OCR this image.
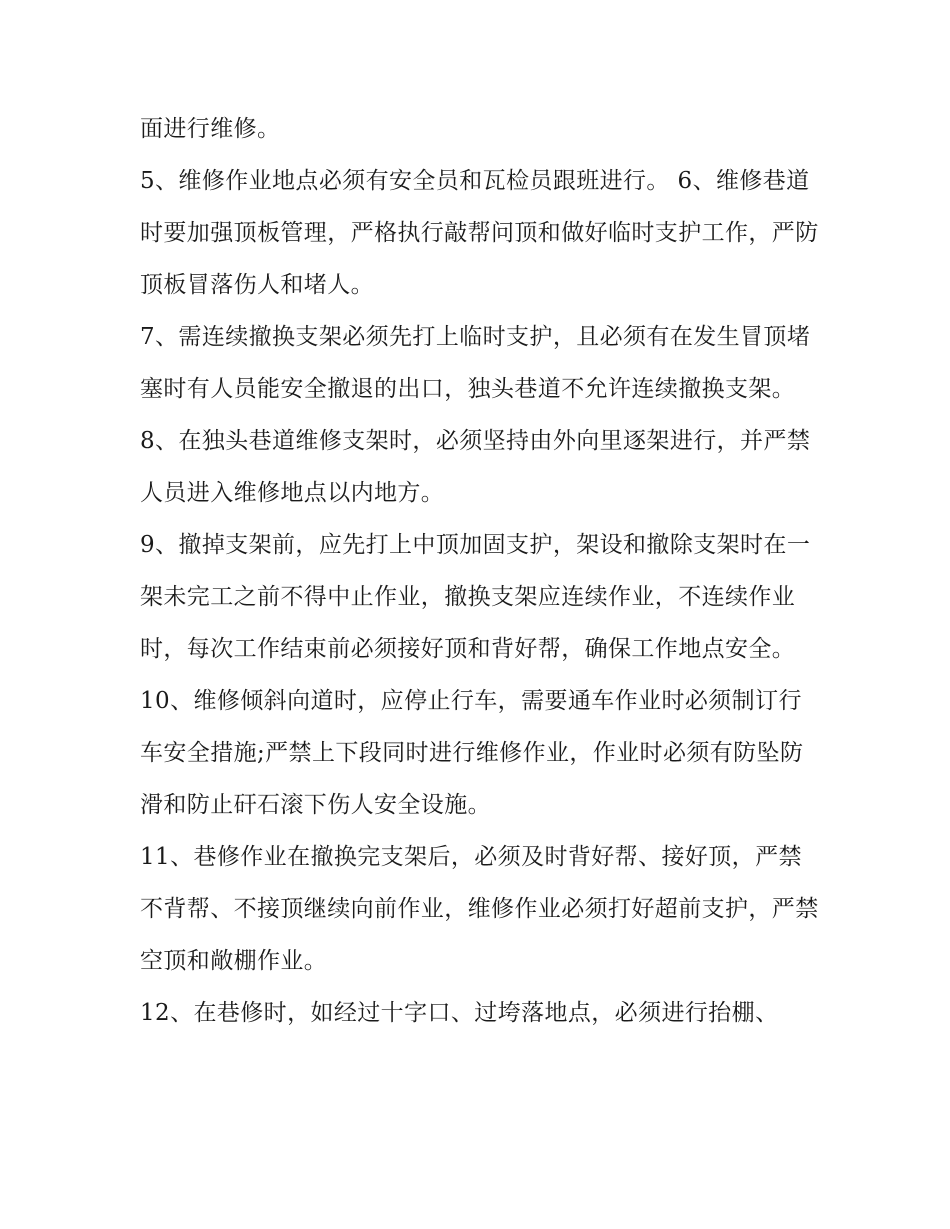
面进行维修。

5、维修作业地点必须有安全员和瓦检员跟班进行。 6、维修巷道时要加强顶板管理，严格执行敲帮问顶和做好临时支护工作，严防顶板冒落伤人和堵人。

7、需连续撤换支架必须先打上临时支护，且必须有在发生冒顶堵塞时有人员能安全撤退的出口，独头巷道不允许连续撤换支架。

8、在独头巷道维修支架时，必须坚持由外向里逐架进行，并严禁人员进入维修地点以内地方。

9、撤掉支架前，应先打上中顶加固支护，架设和撤除支架时在一架未完工之前不得中止作业，撤换支架应连续作业，不连续作业时，每次工作结束前必须接好顶和背好帮，确保工作地点安全。

10、维修倾斜向道时，应停止行车，需要通车作业时必须制订行车安全措施;严禁上下段同时进行维修作业，作业时必须有防坠防滑和防止矸石滚下伤人安全设施。

11、巷修作业在撤换完支架后，必须及时背好帮、接好顶，严禁不背帮、不接顶继续向前作业，维修作业必须打好超前支护，严禁空顶和敞棚作业。

12、在巷修时，如经过十字口、过垮落地点，必须进行抬棚、
